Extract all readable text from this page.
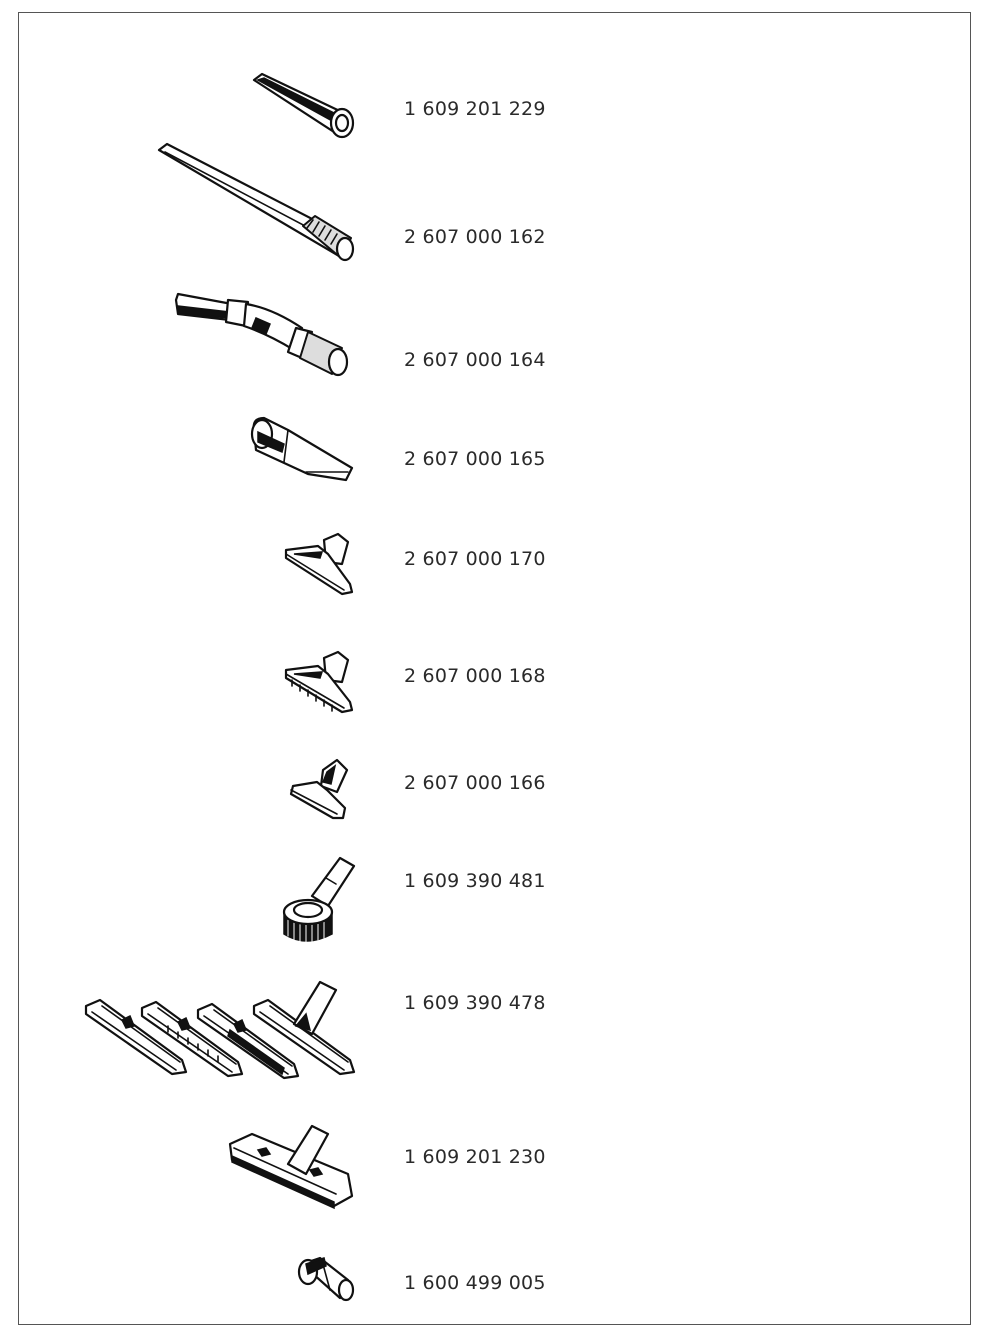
1 609 201 229
2 607 000 162
2 607 000 164
2 607 000 165
2 607 000 170
2 607 000 168
2 607 000 166
1 609 390 481
1 609 390 478
1 609 201 230
1 600 499 005
